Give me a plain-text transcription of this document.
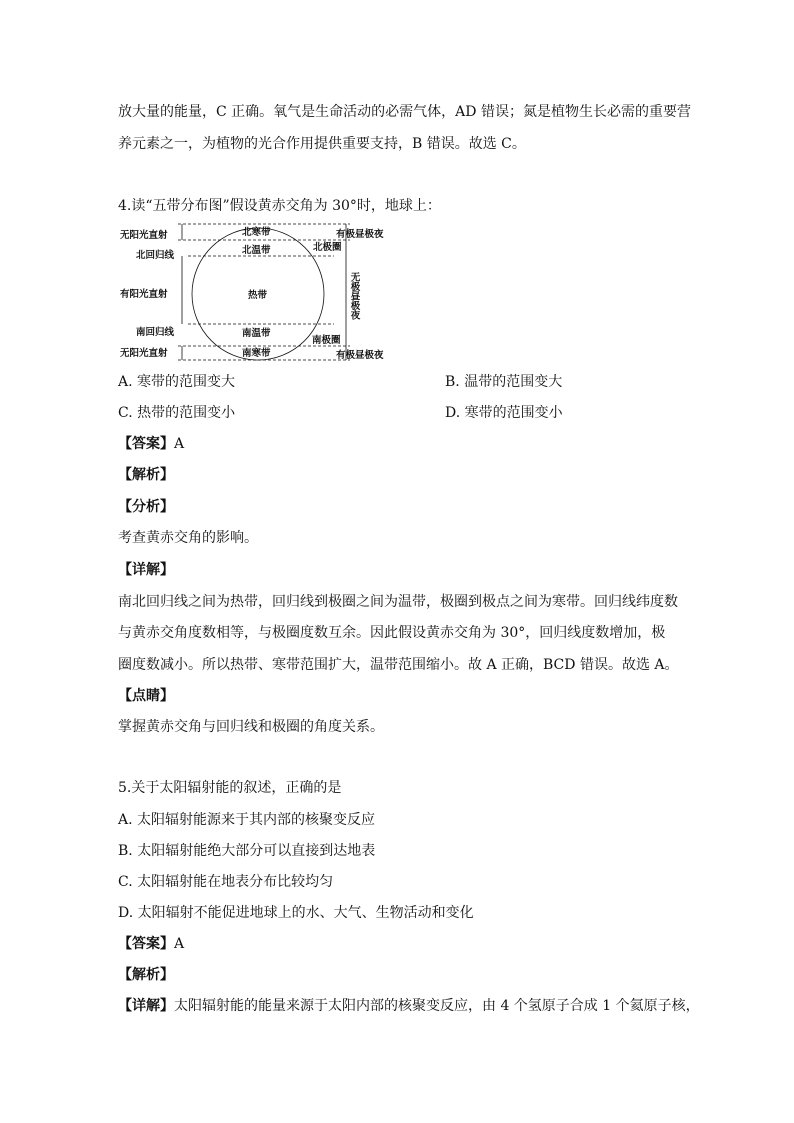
放大量的能量，C 正确。氧气是生命活动的必需气体，AD 错误；氮是植物生长必需的重要营
养元素之一，为植物的光合作用提供重要支持，B 错误。故选 C。
4.读“五带分布图”假设黄赤交角为 30°时，地球上：
无阳光直射
北回归线
有阳光直射
南回归线
无阳光直射
北寒带
北温带
热带
南温带
南寒带
北极圈
南极圈
有极昼极夜
无极昼极夜
有极昼极夜
A. 寒带的范围变大	B. 温带的范围变大
C. 热带的范围变小	D. 寒带的范围变小
【答案】A
【解析】
【分析】
考查黄赤交角的影响。
【详解】
南北回归线之间为热带，回归线到极圈之间为温带，极圈到极点之间为寒带。回归线纬度数
与黄赤交角度数相等，与极圈度数互余。因此假设黄赤交角为 30°，回归线度数增加，极
圈度数减小。所以热带、寒带范围扩大，温带范围缩小。故 A 正确，BCD 错误。故选 A。
【点睛】
掌握黄赤交角与回归线和极圈的角度关系。
5.关于太阳辐射能的叙述，正确的是
A. 太阳辐射能源来于其内部的核聚变反应
B. 太阳辐射能绝大部分可以直接到达地表
C. 太阳辐射能在地表分布比较均匀
D. 太阳辐射不能促进地球上的水、大气、生物活动和变化
【答案】A
【解析】
【详解】太阳辐射能的能量来源于太阳内部的核聚变反应，由 4 个氢原子合成 1 个氦原子核，
